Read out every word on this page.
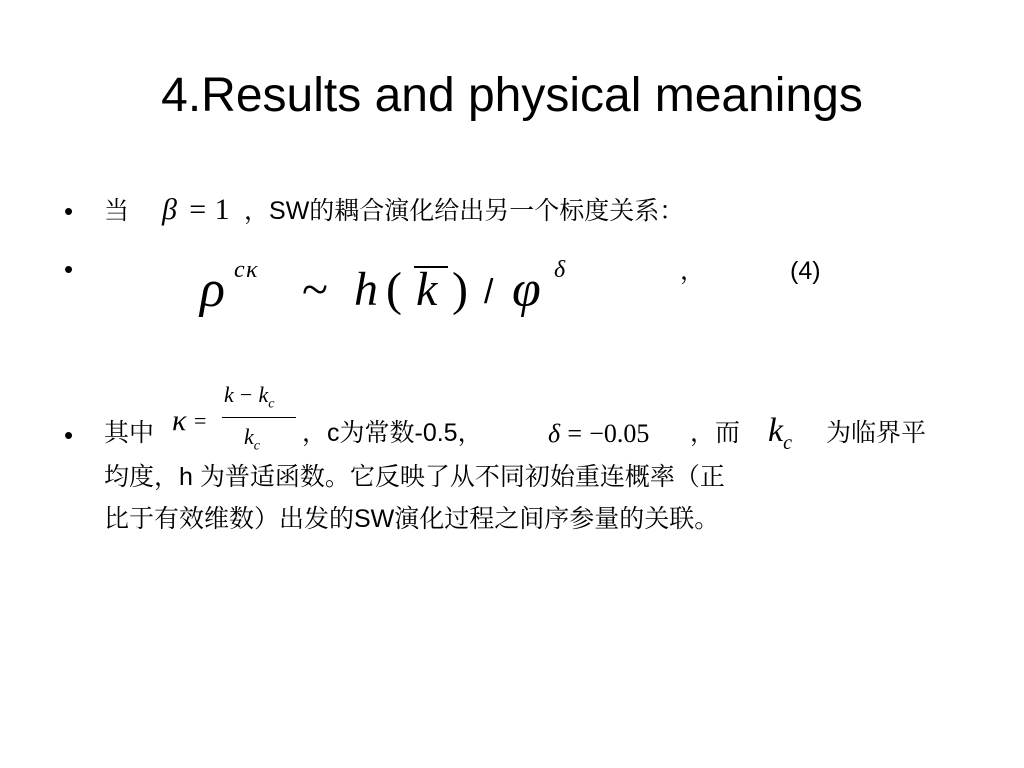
4.Results and physical meanings
• 当 β = 1 ，SW的耦合演化给出另一个标度关系：
• ρ c κ ~ h ( k ) / φ δ	，	(4)
• 其中 κ =
$k - k_c$
$k_c$ ，c为常数-0.5，	δ = −0.05 ，而 $k_c$ 为临界平
均度，h 为普适函数。它反映了从不同初始重连概率（正
比于有效维数）出发的SW演化过程之间序参量的关联。
